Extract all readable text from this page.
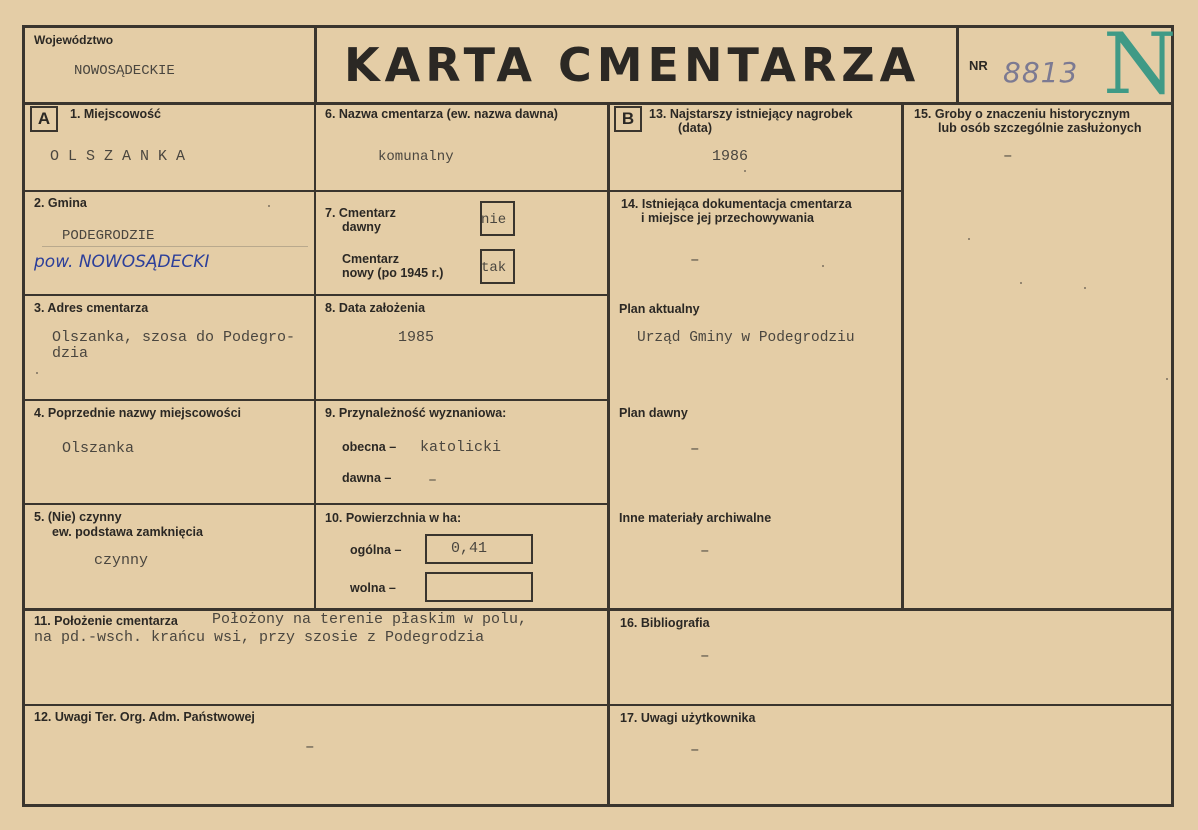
Województwo
NOWOSĄDECKIE	KARTA CMENTARZA	NR 8813 N
A	B
1. Miejscowość
O L S Z A N K A
2. Gmina
PODEGRODZIE
pow. NOWOSĄDECKI
3. Adres cmentarza
Olszanka, szosa do Podegro-
dzia
4. Poprzednie nazwy miejscowości
Olszanka
5. (Nie) czynny
ew. podstawa zamknięcia
czynny
6. Nazwa cmentarza (ew. nazwa dawna)
komunalny
7. Cmentarz
dawny	nie
Cmentarz
nowy (po 1945 r.)	tak
8. Data założenia
1985
9. Przynależność wyznaniowa:
obecna – katolicki
dawna – –
10. Powierzchnia w ha:
ogólna –	0,41
wolna –
13. Najstarszy istniejący nagrobek
(data)
1986
14. Istniejąca dokumentacja cmentarza
i miejsce jej przechowywania
–
Plan aktualny
Urząd Gminy w Podegrodziu
Plan dawny
–
Inne materiały archiwalne
–
15. Groby o znaczeniu historycznym
lub osób szczególnie zasłużonych
–
11. Położenie cmentarza Położony na terenie płaskim w polu,
na pd.-wsch. krańcu wsi, przy szosie z Podegrodzia
16. Bibliografia
–
12. Uwagi Ter. Org. Adm. Państwowej
–
17. Uwagi użytkownika
–
